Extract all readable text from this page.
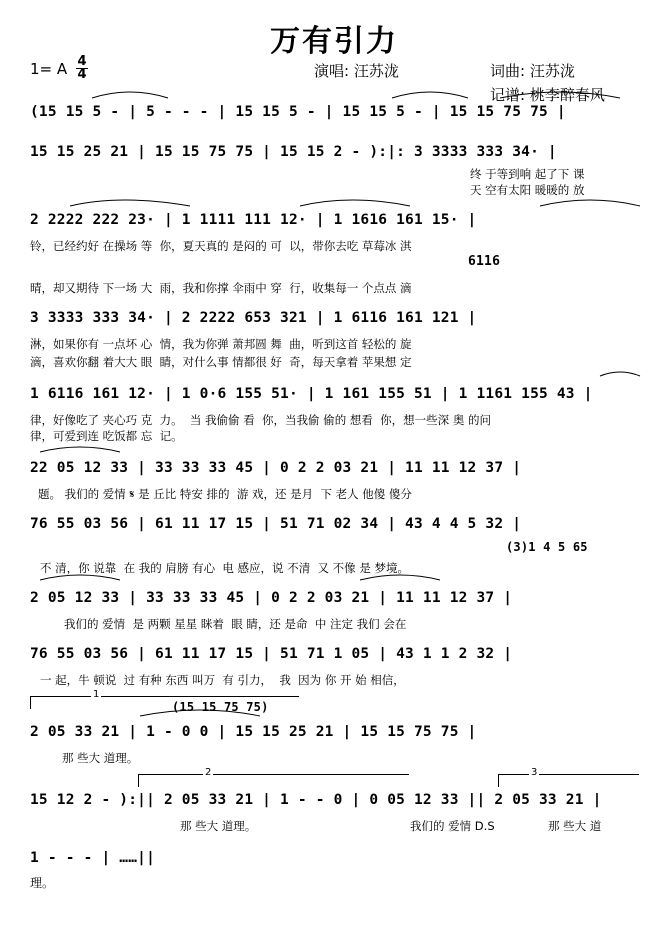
万有引力
1= A 4
4	演唱: 汪苏泷	词曲: 汪苏泷
记谱: 桃李醉春风
(15 15 5 - | 5 - - - | 15 15 5 - | 15 15 5 - | 15 15 75 75 |
15 15 25 21 | 15 15 75 75 | 15 15 2 - ):|: 3 3333 333 34· |
终 于等到响 起了下 课
天 空有太阳 暖暖的 放
2 2222 222 23· | 1 1111 111 12· | 1 1616 161 15· |
铃，已经约好 在操场 等  你，夏天真的 是闷的 可  以，带你去吃 草莓冰 淇
6116
晴，却又期待 下一场 大  雨，我和你撑 伞雨中 穿  行，收集每一 个点点 滴
3 3333 333 34· | 2 2222 653 321 | 1 6116 161 121 |
淋，如果你有 一点坏 心  情，我为你弹 萧邦圆 舞  曲，听到这首 轻松的 旋
滴，喜欢你翻 着大大 眼  睛，对什么事 情都很 好  奇，每天拿着 苹果想 定
1 6116 161 12· | 1 0·6 155 51· | 1 161 155 51 | 1 1161 155 43 |
律，好像吃了 夹心巧 克  力。  当 我偷偷 看  你，当我偷 偷的 想看  你，想一些深 奥 的问
律，可爱到连 吃饭都 忘  记。
22 05 12 33 | 33 33 33 45 | 0 2 2 03 21 | 11 11 12 37 |
题。 我们的 爱情 𝄋 是 丘比 特安 排的  游 戏，还 是月  下 老人 他傻 傻分
76 55 03 56 | 61 11 17 15 | 51 71 02 34 | 43 4 4 5 32 |
(3)1 4 5 65
不 清，你 说靠  在 我的 肩膀 有心  电 感应，说 不清  又 不像 是 梦境。
2 05 12 33 | 33 33 33 45 | 0 2 2 03 21 | 11 11 12 37 |
我们的 爱情  是 两颗 星星 眯着  眼 睛，还 是命  中 注定 我们 会在
76 55 03 56 | 61 11 17 15 | 51 71 1 05 | 43 1 1 2 32 |
一 起，牛 顿说  过 有种 东西 叫万  有 引力，  我  因为 你 开 始 相信，
1
(15 15 75 75)
2 05 33 21 | 1 - 0 0 | 15 15 25 21 | 15 15 75 75 |
那 些大 道理。
2	3
15 12 2 - ):|| 2 05 33 21 | 1 - - 0 | 0 05 12 33 || 2 05 33 21 |
那 些大 道理。	我们的 爱情 D.S	那 些大 道
1 - - - | ……||
理。
